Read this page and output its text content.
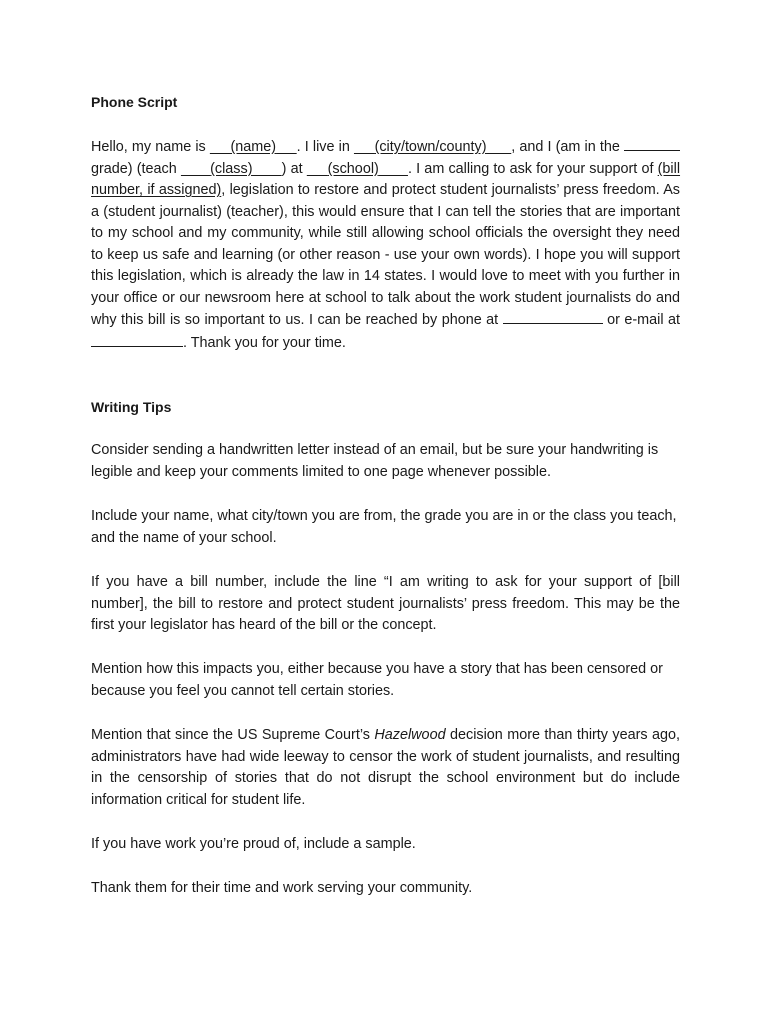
Phone Script

Hello, my name is (name) . I live in (city/town/county) , and I (am in the  grade) (teach (class) ) at (school) . I am calling to ask for your support of (bill number, if assigned), legislation to restore and protect student journalists’ press freedom. As a (student journalist) (teacher), this would ensure that I can tell the stories that are important to my school and my community, while still allowing school officials the oversight they need to keep us safe and learning (or other reason - use your own words). I hope you will support this legislation, which is already the law in 14 states. I would love to meet with you further in your office or our newsroom here at school to talk about the work student journalists do and why this bill is so important to us. I can be reached by phone at	or e-mail at . Thank you for your time.

Writing Tips

Consider sending a handwritten letter instead of an email, but be sure your handwriting is legible and keep your comments limited to one page whenever possible.

Include your name, what city/town you are from, the grade you are in or the class you teach, and the name of your school.

If you have a bill number, include the line “I am writing to ask for your support of [bill number], the bill to restore and protect student journalists’ press freedom. This may be the first your legislator has heard of the bill or the concept.

Mention how this impacts you, either because you have a story that has been censored or because you feel you cannot tell certain stories.

Mention that since the US Supreme Court’s Hazelwood decision more than thirty years ago, administrators have had wide leeway to censor the work of student journalists, and resulting in the censorship of stories that do not disrupt the school environment but do include information critical for student life.

If you have work you’re proud of, include a sample.

Thank them for their time and work serving your community.
